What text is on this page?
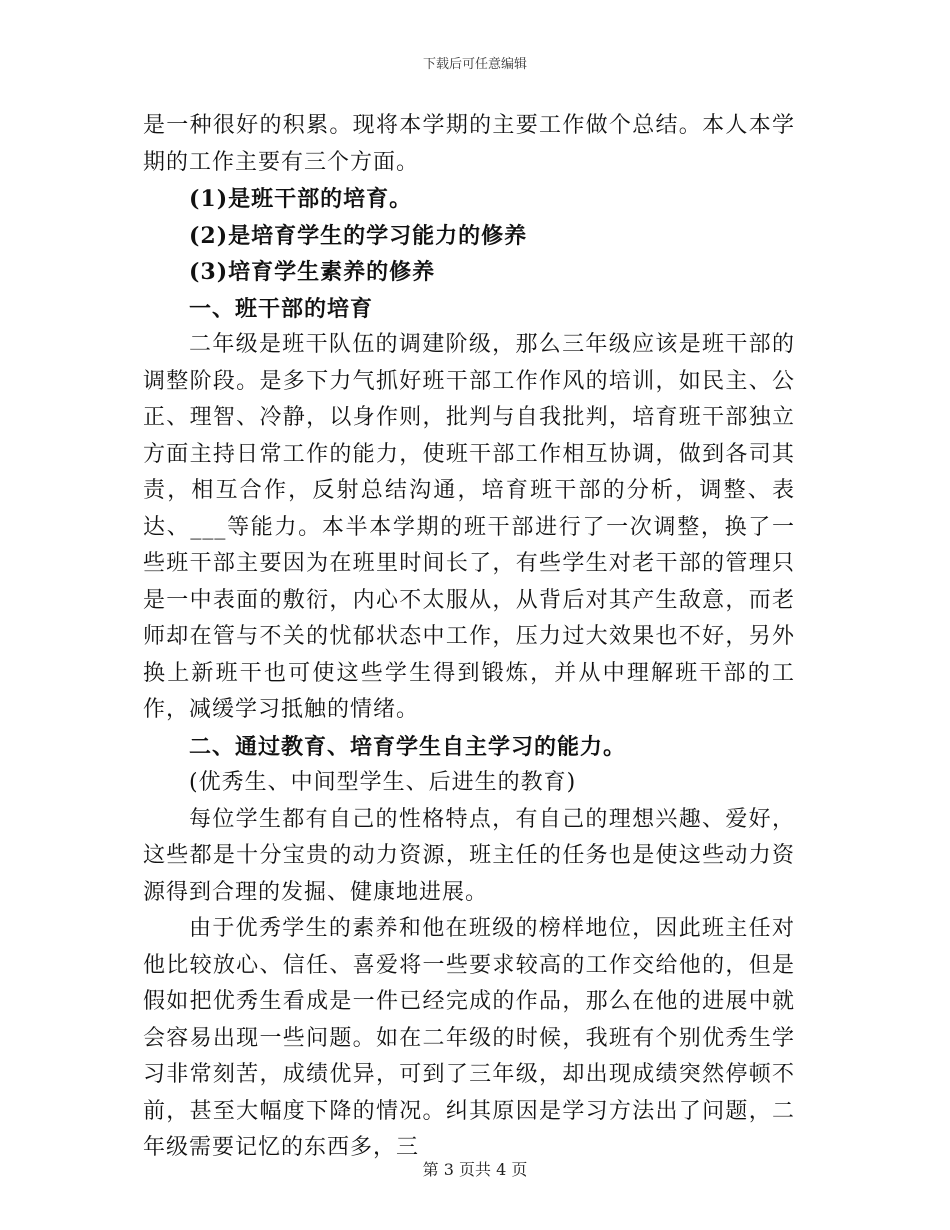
下载后可任意编辑

是一种很好的积累。现将本学期的主要工作做个总结。本人本学期的工作主要有三个方面。

(1)是班干部的培育。

(2)是培育学生的学习能力的修养

(3)培育学生素养的修养

一、班干部的培育

二年级是班干队伍的调建阶级，那么三年级应该是班干部的调整阶段。是多下力气抓好班干部工作作风的培训，如民主、公正、理智、冷静，以身作则，批判与自我批判，培育班干部独立方面主持日常工作的能力，使班干部工作相互协调，做到各司其责，相互合作，反射总结沟通，培育班干部的分析，调整、表达、___等能力。本半本学期的班干部进行了一次调整，换了一些班干部主要因为在班里时间长了，有些学生对老干部的管理只是一中表面的敷衍，内心不太服从，从背后对其产生敌意，而老师却在管与不关的忧郁状态中工作，压力过大效果也不好，另外换上新班干也可使这些学生得到锻炼，并从中理解班干部的工作，减缓学习抵触的情绪。

二、通过教育、培育学生自主学习的能力。

(优秀生、中间型学生、后进生的教育)

每位学生都有自己的性格特点，有自己的理想兴趣、爱好，这些都是十分宝贵的动力资源，班主任的任务也是使这些动力资源得到合理的发掘、健康地进展。

由于优秀学生的素养和他在班级的榜样地位，因此班主任对他比较放心、信任、喜爱将一些要求较高的工作交给他的，但是假如把优秀生看成是一件已经完成的作品，那么在他的进展中就会容易出现一些问题。如在二年级的时候，我班有个别优秀生学习非常刻苦，成绩优异，可到了三年级，却出现成绩突然停顿不前，甚至大幅度下降的情况。纠其原因是学习方法出了问题，二年级需要记忆的东西多，三

第 3 页共 4 页
